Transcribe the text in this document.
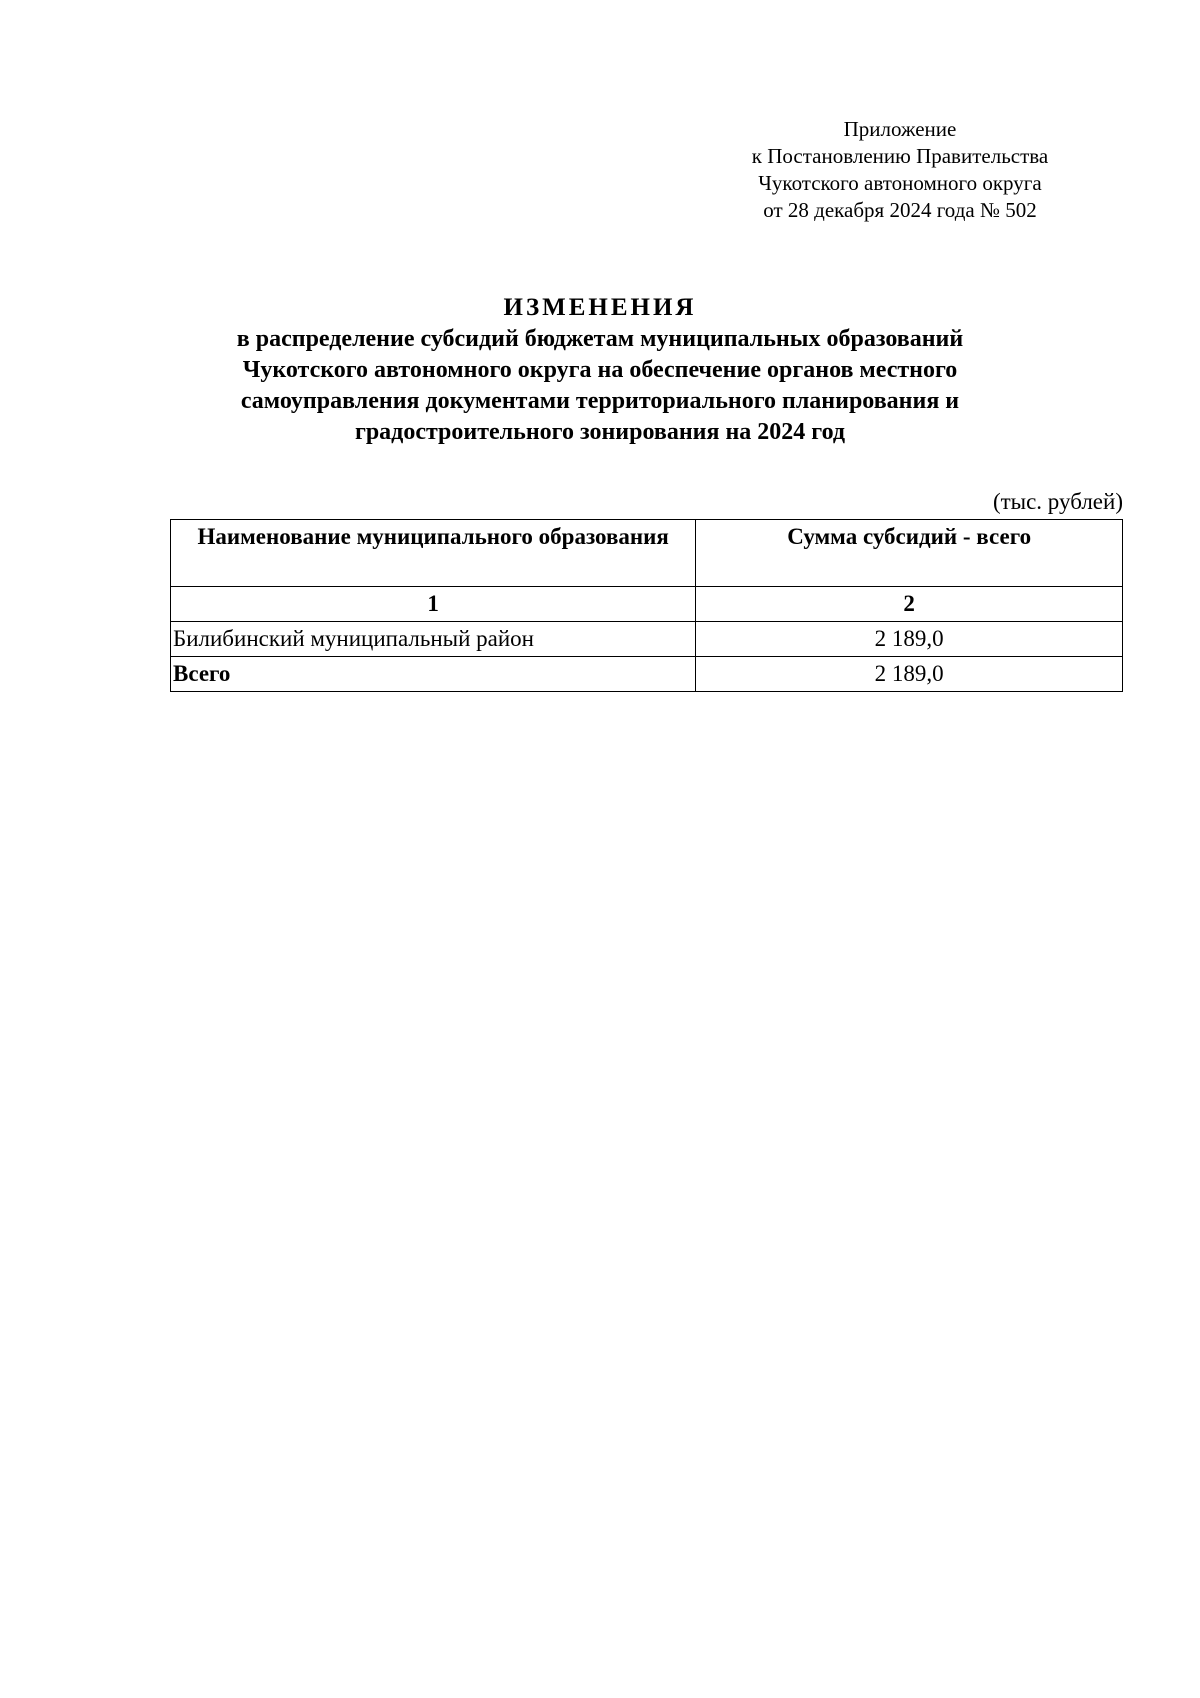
Приложение
к Постановлению Правительства
Чукотского автономного округа
от 28 декабря 2024 года № 502
ИЗМЕНЕНИЯ
в распределение субсидий бюджетам муниципальных образований
Чукотского автономного округа на обеспечение органов местного
самоуправления документами территориального планирования и
градостроительного зонирования на 2024 год
(тыс. рублей)
Наименование муниципального образования	Сумма субсидий - всего
1	2
Билибинский муниципальный район	2 189,0
Всего	2 189,0
